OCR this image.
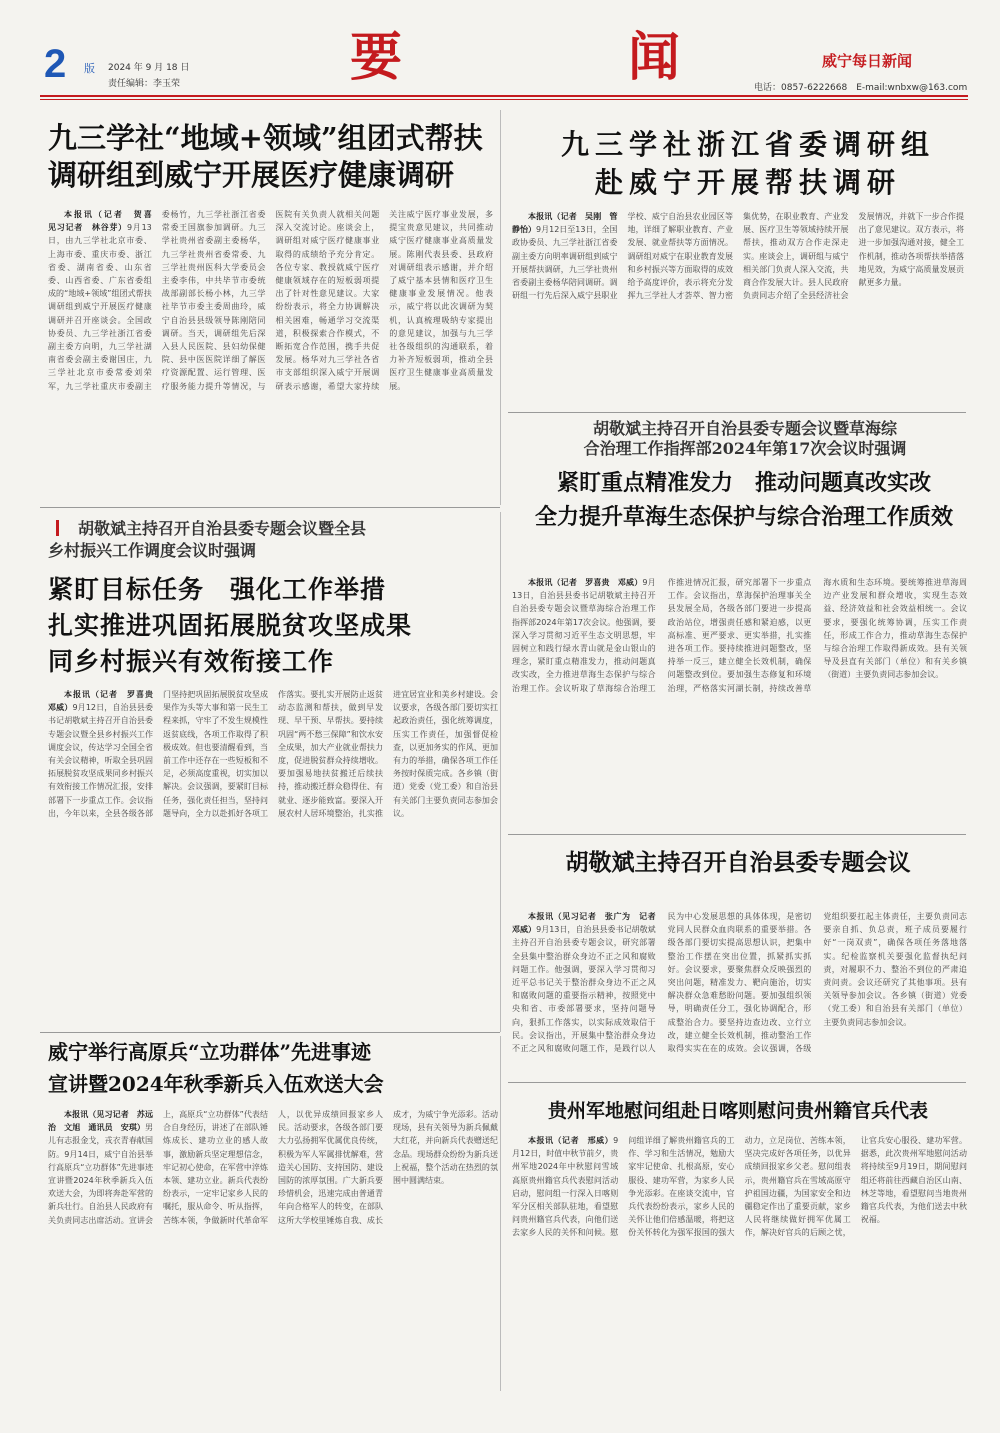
2 版 2024 年 9 月 18 日
责任编辑：李玉荣	要	闻	威宁每日新闻
电话：0857-6222668　E-mail:wnbxw@163.com
九三学社“地域+领域”组团式帮扶
调研组到威宁开展医疗健康调研

本报讯（记者　贺喜　见习记者　林谷芽）9月13日，由九三学社北京市委、上海市委、重庆市委、浙江省委、湖南省委、山东省委、山西省委、广东省委组成的“地域+领域”组团式帮扶调研组到威宁开展医疗健康调研并召开座谈会。全国政协委员、九三学社浙江省委副主委方向明，九三学社湖南省委会副主委谢国庄，九三学社北京市委常委刘荣军，九三学社重庆市委副主委杨竹，九三学社浙江省委常委王国旗参加调研。九三学社贵州省委副主委杨华，九三学社贵州省委常委、九三学社贵州医科大学委员会主委李伟，中共毕节市委统战部副部长杨小林，九三学社毕节市委主委周曲玲，威宁自治县县级领导陈刚陪同调研。当天，调研组先后深入县人民医院、县妇幼保健院、县中医医院详细了解医疗资源配置、运行管理、医疗服务能力提升等情况，与医院有关负责人就相关问题深入交流讨论。座谈会上，调研组对威宁医疗健康事业取得的成绩给予充分肯定。各位专家、教授就威宁医疗健康领域存在的短板弱项提出了针对性意见建议。大家纷纷表示，将全力协调解决相关困难，畅通学习交流渠道，积极探索合作模式，不断拓宽合作范围，携手共促发展。杨华对九三学社各省市支部组织深入威宁开展调研表示感谢，希望大家持续关注威宁医疗事业发展，多提宝贵意见建议，共同推动威宁医疗健康事业高质量发展。陈刚代表县委、县政府对调研组表示感谢，并介绍了威宁基本县情和医疗卫生健康事业发展情况。他表示，威宁将以此次调研为契机，认真梳理吸纳专家提出的意见建议，加强与九三学社各级组织的沟通联系，着力补齐短板弱项，推动全县医疗卫生健康事业高质量发展。

九三学社浙江省委调研组
赴威宁开展帮扶调研

本报讯（记者　吴刚　管静怡）9月12日至13日，全国政协委员、九三学社浙江省委副主委方向明率调研组到威宁开展帮扶调研，九三学社贵州省委副主委杨华陪同调研。调研组一行先后深入威宁县职业学校、威宁自治县农业园区等地，详细了解职业教育、产业发展、就业帮扶等方面情况。调研组对威宁在职业教育发展和乡村振兴等方面取得的成效给予高度评价，表示将充分发挥九三学社人才荟萃、智力密集优势，在职业教育、产业发展、医疗卫生等领域持续开展帮扶，推动双方合作走深走实。座谈会上，调研组与威宁相关部门负责人深入交流，共商合作发展大计。县人民政府负责同志介绍了全县经济社会发展情况，并就下一步合作提出了意见建议。双方表示，将进一步加强沟通对接，健全工作机制，推动各项帮扶举措落地见效，为威宁高质量发展贡献更多力量。

胡敬斌主持召开自治县委专题会议暨草海综
合治理工作指挥部2024年第17次会议时强调
紧盯重点精准发力　推动问题真改实改
全力提升草海生态保护与综合治理工作质效

本报讯（记者　罗喜贵　邓威）9月13日，自治县县委书记胡敬斌主持召开自治县委专题会议暨草海综合治理工作指挥部2024年第17次会议。他强调，要深入学习贯彻习近平生态文明思想，牢固树立和践行绿水青山就是金山银山的理念，紧盯重点精准发力，推动问题真改实改，全力推进草海生态保护与综合治理工作。会议听取了草海综合治理工作推进情况汇报，研究部署下一步重点工作。会议指出，草海保护治理事关全县发展全局，各级各部门要进一步提高政治站位，增强责任感和紧迫感，以更高标准、更严要求、更实举措，扎实推进各项工作。要持续推进问题整改，坚持举一反三，建立健全长效机制，确保问题整改到位。要加强生态修复和环境治理，严格落实河湖长制，持续改善草海水质和生态环境。要统筹推进草海周边产业发展和群众增收，实现生态效益、经济效益和社会效益相统一。会议要求，要强化统筹协调，压实工作责任，形成工作合力，推动草海生态保护与综合治理工作取得新成效。县有关领导及县直有关部门（单位）和有关乡镇（街道）主要负责同志参加会议。

胡敬斌主持召开自治县委专题会议暨全县
乡村振兴工作调度会议时强调
紧盯目标任务　强化工作举措
扎实推进巩固拓展脱贫攻坚成果
同乡村振兴有效衔接工作

本报讯（记者　罗喜贵　邓威）9月12日，自治县县委书记胡敬斌主持召开自治县委专题会议暨全县乡村振兴工作调度会议，传达学习全国全省有关会议精神，听取全县巩固拓展脱贫攻坚成果同乡村振兴有效衔接工作情况汇报，安排部署下一步重点工作。会议指出，今年以来，全县各级各部门坚持把巩固拓展脱贫攻坚成果作为头等大事和第一民生工程来抓，守牢了不发生规模性返贫底线，各项工作取得了积极成效。但也要清醒看到，当前工作中还存在一些短板和不足，必须高度重视，切实加以解决。会议强调，要紧盯目标任务，强化责任担当，坚持问题导向，全力以赴抓好各项工作落实。要扎实开展防止返贫动态监测和帮扶，做到早发现、早干预、早帮扶。要持续巩固“两不愁三保障”和饮水安全成果，加大产业就业帮扶力度，促进脱贫群众持续增收。要加强易地扶贫搬迁后续扶持，推动搬迁群众稳得住、有就业、逐步能致富。要深入开展农村人居环境整治，扎实推进宜居宜业和美乡村建设。会议要求，各级各部门要切实扛起政治责任，强化统筹调度，压实工作责任，加强督促检查，以更加务实的作风、更加有力的举措，确保各项工作任务按时保质完成。各乡镇（街道）党委（党工委）和自治县有关部门主要负责同志参加会议。

胡敬斌主持召开自治县委专题会议

本报讯（见习记者　张广为　记者　邓威）9月13日，自治县县委书记胡敬斌主持召开自治县委专题会议，研究部署全县集中整治群众身边不正之风和腐败问题工作。他强调，要深入学习贯彻习近平总书记关于整治群众身边不正之风和腐败问题的重要指示精神，按照党中央和省、市委部署要求，坚持问题导向，狠抓工作落实，以实际成效取信于民。会议指出，开展集中整治群众身边不正之风和腐败问题工作，是践行以人民为中心发展思想的具体体现，是密切党同人民群众血肉联系的重要举措。各级各部门要切实提高思想认识，把集中整治工作摆在突出位置，抓紧抓实抓好。会议要求，要聚焦群众反映强烈的突出问题，精准发力、靶向施治，切实解决群众急难愁盼问题。要加强组织领导，明确责任分工，强化协调配合，形成整治合力。要坚持边查边改、立行立改，建立健全长效机制，推动整治工作取得实实在在的成效。会议强调，各级党组织要扛起主体责任，主要负责同志要亲自抓、负总责，班子成员要履行好“一岗双责”，确保各项任务落地落实。纪检监察机关要强化监督执纪问责，对履职不力、整治不到位的严肃追责问责。会议还研究了其他事项。县有关领导参加会议。各乡镇（街道）党委（党工委）和自治县有关部门（单位）主要负责同志参加会议。

威宁举行高原兵“立功群体”先进事迹
宣讲暨2024年秋季新兵入伍欢送大会

本报讯（见习记者　苏远治　文旭　通讯员　安琪）男儿有志报金戈，戎衣青春献国防。9月14日，威宁自治县举行高原兵“立功群体”先进事迹宣讲暨2024年秋季新兵入伍欢送大会，为即将奔赴军营的新兵壮行。自治县人民政府有关负责同志出席活动。宣讲会上，高原兵“立功群体”代表结合自身经历，讲述了在部队锤炼成长、建功立业的感人故事，激励新兵坚定理想信念，牢记初心使命，在军营中淬炼本领、建功立业。新兵代表纷纷表示，一定牢记家乡人民的嘱托，服从命令、听从指挥，苦练本领，争做新时代革命军人，以优异成绩回报家乡人民。活动要求，各级各部门要大力弘扬拥军优属优良传统，积极为军人军属排忧解难，营造关心国防、支持国防、建设国防的浓厚氛围。广大新兵要珍惜机会，迅速完成由普通青年向合格军人的转变，在部队这所大学校里锤炼自我、成长成才，为威宁争光添彩。活动现场，县有关领导为新兵佩戴大红花，并向新兵代表赠送纪念品。现场群众纷纷为新兵送上祝福，整个活动在热烈的氛围中圆满结束。

贵州军地慰问组赴日喀则慰问贵州籍官兵代表

本报讯（记者　邢威）9月12日，时值中秋节前夕，贵州军地2024年中秋慰问雪域高原贵州籍官兵代表慰问活动启动，慰问组一行深入日喀则军分区相关部队驻地，看望慰问贵州籍官兵代表，向他们送去家乡人民的关怀和问候。慰问组详细了解贵州籍官兵的工作、学习和生活情况，勉励大家牢记使命、扎根高原，安心服役、建功军营，为家乡人民争光添彩。在座谈交流中，官兵代表纷纷表示，家乡人民的关怀让他们倍感温暖，将把这份关怀转化为强军报国的强大动力，立足岗位、苦练本领，坚决完成好各项任务，以优异成绩回报家乡父老。慰问组表示，贵州籍官兵在雪域高原守护祖国边疆，为国家安全和边疆稳定作出了重要贡献，家乡人民将继续做好拥军优属工作，解决好官兵的后顾之忧，让官兵安心服役、建功军营。据悉，此次贵州军地慰问活动将持续至9月19日，期间慰问组还将前往西藏自治区山南、林芝等地，看望慰问当地贵州籍官兵代表，为他们送去中秋祝福。
